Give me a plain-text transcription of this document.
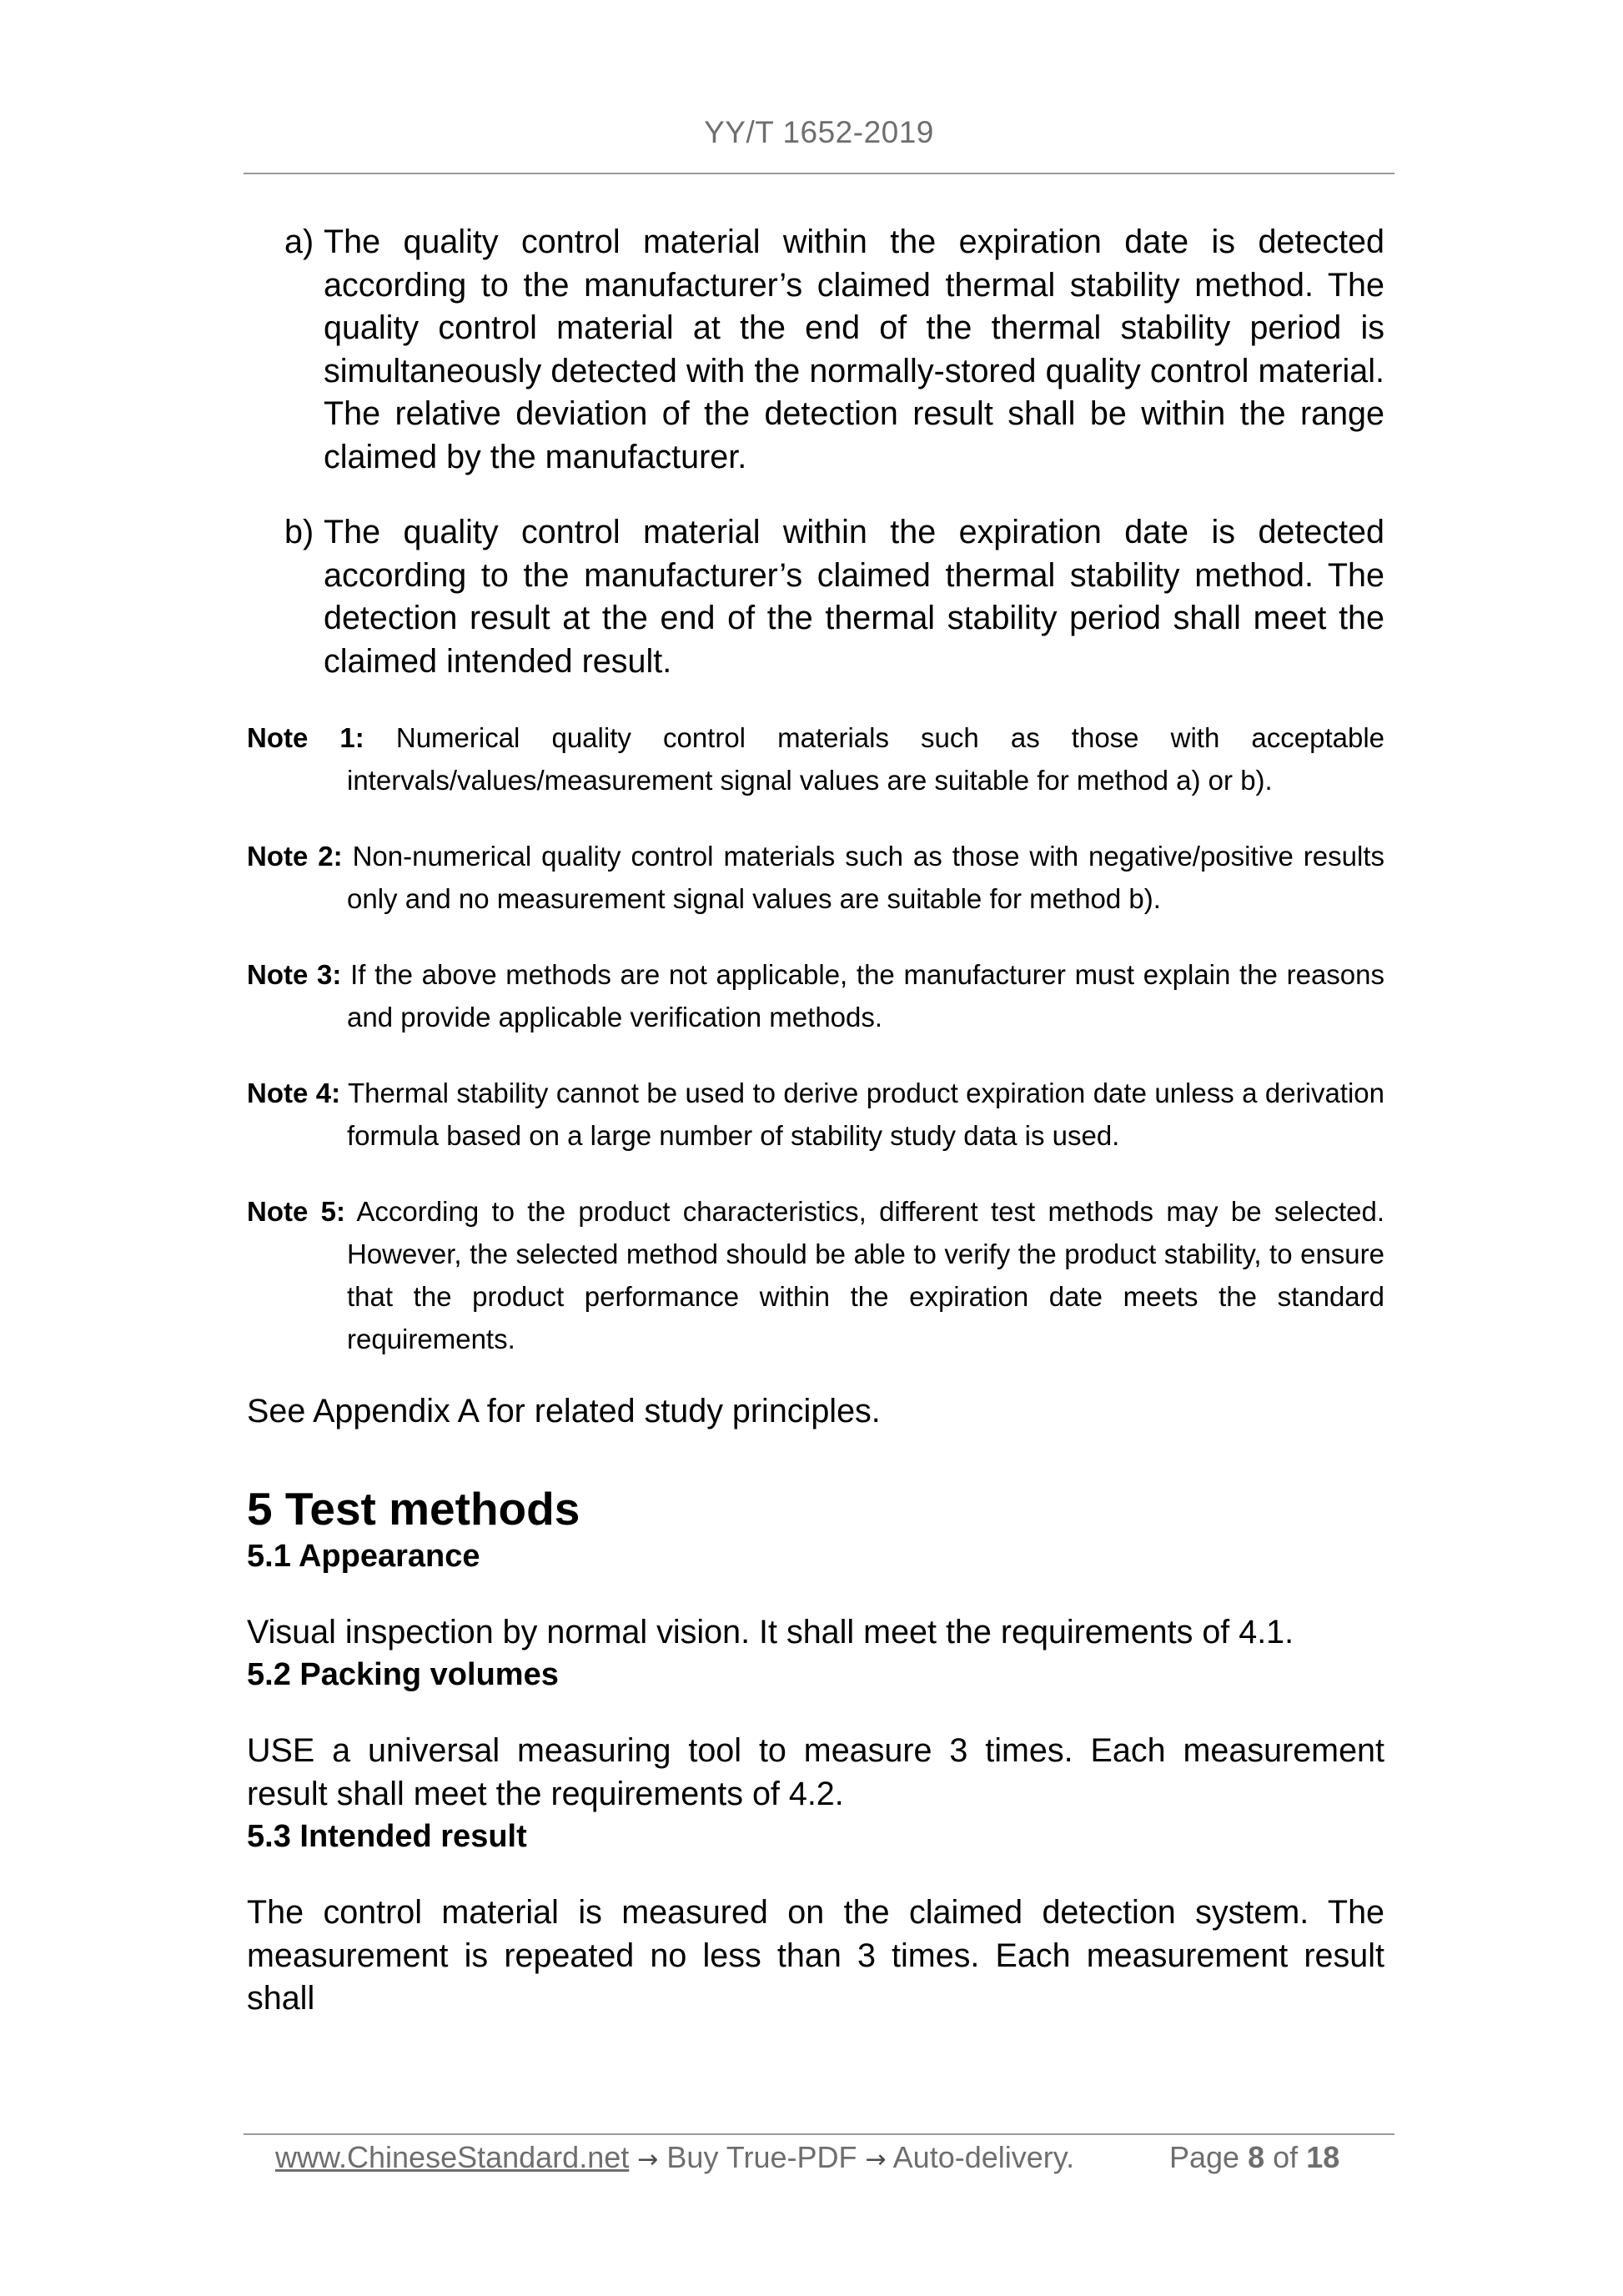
YY/T 1652-2019
a) The quality control material within the expiration date is detected according to the manufacturer’s claimed thermal stability method. The quality control material at the end of the thermal stability period is simultaneously detected with the normally-stored quality control material. The relative deviation of the detection result shall be within the range claimed by the manufacturer.
b) The quality control material within the expiration date is detected according to the manufacturer’s claimed thermal stability method. The detection result at the end of the thermal stability period shall meet the claimed intended result.
Note 1: Numerical quality control materials such as those with acceptable intervals/values/measurement signal values are suitable for method a) or b).
Note 2: Non-numerical quality control materials such as those with negative/positive results only and no measurement signal values are suitable for method b).
Note 3: If the above methods are not applicable, the manufacturer must explain the reasons and provide applicable verification methods.
Note 4: Thermal stability cannot be used to derive product expiration date unless a derivation formula based on a large number of stability study data is used.
Note 5: According to the product characteristics, different test methods may be selected. However, the selected method should be able to verify the product stability, to ensure that the product performance within the expiration date meets the standard requirements.
See Appendix A for related study principles.
5 Test methods
5.1 Appearance
Visual inspection by normal vision. It shall meet the requirements of 4.1.
5.2 Packing volumes
USE a universal measuring tool to measure 3 times. Each measurement result shall meet the requirements of 4.2.
5.3 Intended result
The control material is measured on the claimed detection system. The measurement is repeated no less than 3 times. Each measurement result shall
www.ChineseStandard.net → Buy True-PDF → Auto-delivery.	Page 8 of 18
